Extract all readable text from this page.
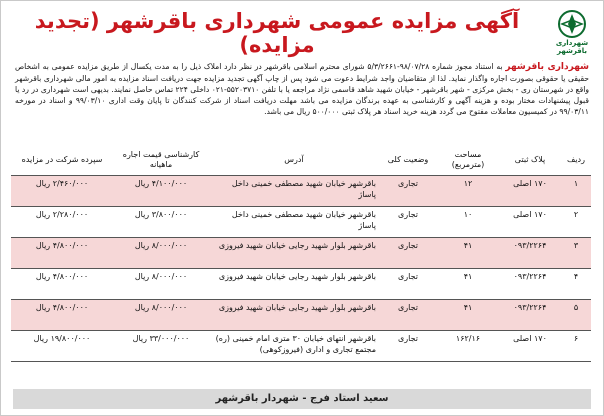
شهرداری باقرشهر
آگهی مزایده عمومی شهرداری باقرشهر (تجدید مزایده)
شهرداری باقرشهر به استناد مجوز شماره ۹۸/۰۷/۲۸-۵/۳/۲۶۶۱ شورای محترم اسلامی باقرشهر در نظر دارد املاک ذیل را به مدت یکسال از طریق مزایده عمومی به اشخاص حقیقی یا حقوقی بصورت اجاره واگذار نماید. لذا از متقاضیان واجد شرایط دعوت می شود پس از چاپ آگهی تجدید مزایده جهت دریافت اسناد مزایده به امور مالی شهرداری باقرشهر واقع در شهرستان ری - بخش مرکزی - شهر باقرشهر - خیابان شهید شاهد قاسمی نژاد مراجعه یا با تلفن ۵۵۲۰۳۷۱۰-۰۲۱ داخلی ۲۲۴ تماس حاصل نمایند. بدیهی است شهرداری در رد یا قبول پیشنهادات مختار بوده و هزینه آگهی و کارشناسی به عهده برندگان مزایده می باشد مهلت دریافت اسناد از شرکت کنندگان تا پایان وقت اداری ۹۹/۰۳/۱۰ و اسناد در مورخه ۹۹/۰۳/۱۱ در کمیسیون معاملات مفتوح می گردد هزینه خرید اسناد هر پلاک ثبتی ۵۰۰/۰۰۰ ریال می باشد.
ردیف	پلاک ثبتی	مساحت (مترمربع)	وضعیت کلی	آدرس	کارشناسی قیمت اجاره ماهیانه	سپرده شرکت در مزایده
۱	۱۷۰ اصلی	۱۲	تجاری	باقرشهر خیابان شهید مصطفی خمینی داخل پاساژ	۴/۱۰۰/۰۰۰ ریال	۲/۴۶۰/۰۰۰ ریال
۲	۱۷۰ اصلی	۱۰	تجاری	باقرشهر خیابان شهید مصطفی خمینی داخل پاساژ	۳/۸۰۰/۰۰۰ ریال	۲/۲۸۰/۰۰۰ ریال
۳	۰۹۳/۲۲۶۴	۴۱	تجاری	باقرشهر بلوار شهید رجایی خیابان شهید فیروزی	۸/۰۰۰/۰۰۰ ریال	۴/۸۰۰/۰۰۰ ریال
۴	۰۹۳/۲۲۶۴	۴۱	تجاری	باقرشهر بلوار شهید رجایی خیابان شهید فیروزی	۸/۰۰۰/۰۰۰ ریال	۴/۸۰۰/۰۰۰ ریال
۵	۰۹۳/۲۲۶۴	۴۱	تجاری	باقرشهر بلوار شهید رجایی خیابان شهید فیروزی	۸/۰۰۰/۰۰۰ ریال	۴/۸۰۰/۰۰۰ ریال
۶	۱۷۰ اصلی	۱۶۲/۱۶	تجاری	باقرشهر انتهای خیابان ۳۰ متری امام خمینی (ره) مجتمع تجاری و اداری (فیروزکوهی)	۳۳/۰۰۰/۰۰۰ ریال	۱۹/۸۰۰/۰۰۰ ریال
سعید استاد فرج - شهردار باقرشهر
